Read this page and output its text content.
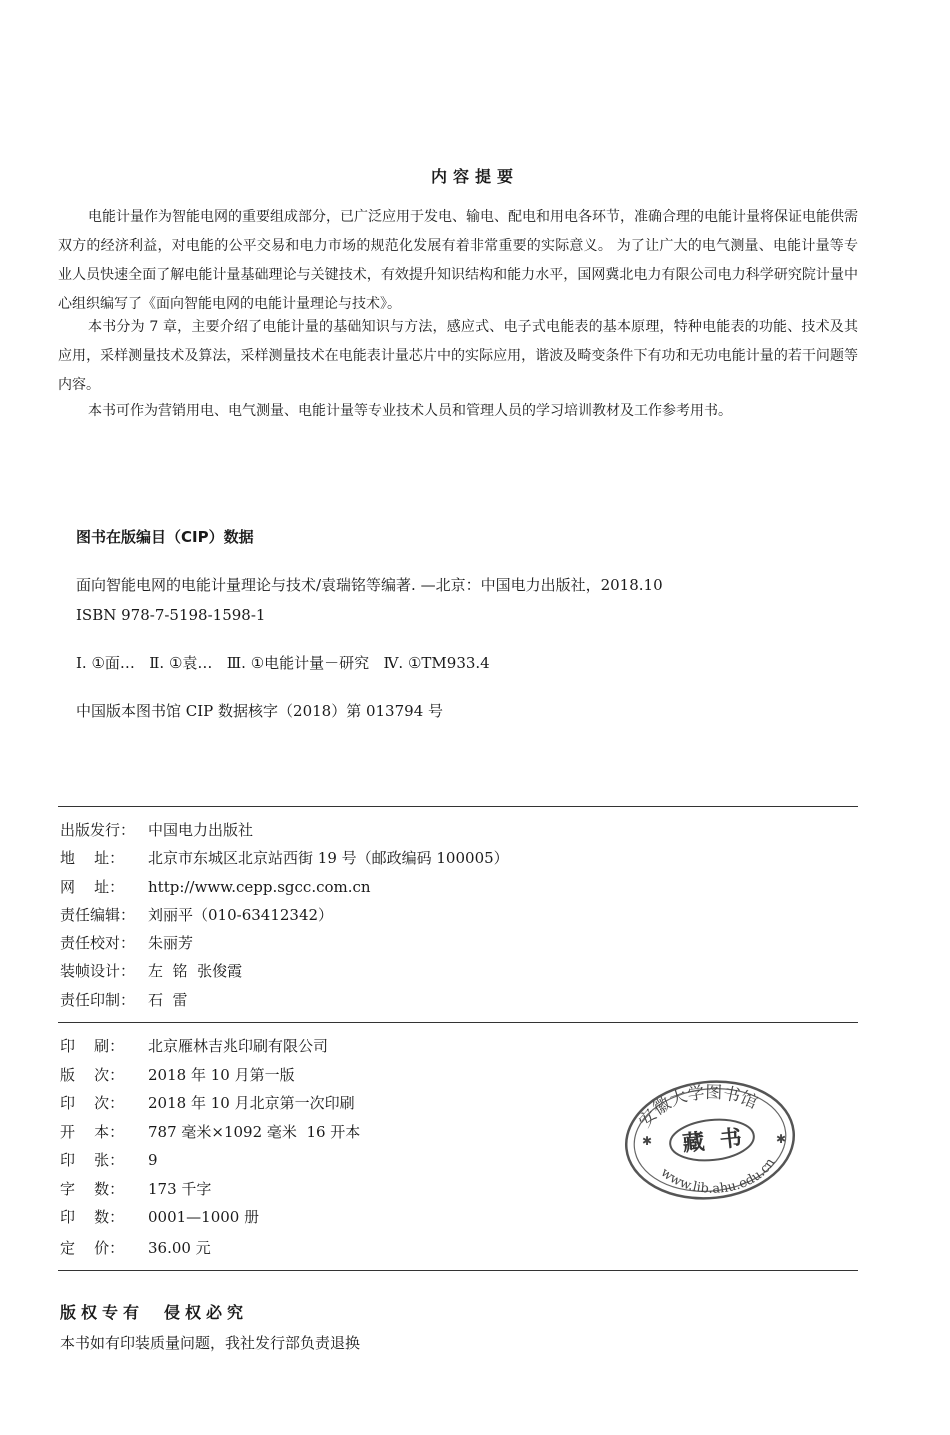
内容提要
电能计量作为智能电网的重要组成部分，已广泛应用于发电、输电、配电和用电各环节，准确合理的电能计量将保证电能供需双方的经济利益，对电能的公平交易和电力市场的规范化发展有着非常重要的实际意义。 为了让广大的电气测量、电能计量等专业人员快速全面了解电能计量基础理论与关键技术，有效提升知识结构和能力水平，国网冀北电力有限公司电力科学研究院计量中心组织编写了《面向智能电网的电能计量理论与技术》。
本书分为 7 章，主要介绍了电能计量的基础知识与方法，感应式、电子式电能表的基本原理，特种电能表的功能、技术及其应用，采样测量技术及算法，采样测量技术在电能表计量芯片中的实际应用，谐波及畸变条件下有功和无功电能计量的若干问题等内容。
本书可作为营销用电、电气测量、电能计量等专业技术人员和管理人员的学习培训教材及工作参考用书。
图书在版编目（CIP）数据
面向智能电网的电能计量理论与技术/袁瑞铭等编著. —北京：中国电力出版社，2018.10
ISBN 978-7-5198-1598-1
Ⅰ. ①面…   Ⅱ. ①袁…   Ⅲ. ①电能计量－研究   Ⅳ. ①TM933.4
中国版本图书馆 CIP 数据核字（2018）第 013794 号
出版发行： 中国电力出版社
地    址： 北京市东城区北京站西街 19 号（邮政编码 100005）
网    址： http://www.cepp.sgcc.com.cn
责任编辑： 刘丽平（010-63412342）
责任校对： 朱丽芳
装帧设计： 左  铭  张俊霞
责任印制： 石  雷
印    刷： 北京雁林吉兆印刷有限公司
版    次： 2018 年 10 月第一版
印    次： 2018 年 10 月北京第一次印刷
开    本： 787 毫米×1092 毫米  16 开本
印    张： 9
字    数： 173 千字
印    数： 0001—1000 册
定    价： 36.00 元
版权专有 侵权必究
本书如有印装质量问题，我社发行部负责退换
安徽大学图书馆
藏  书
www.lib.ahu.edu.cn
✱	✱
